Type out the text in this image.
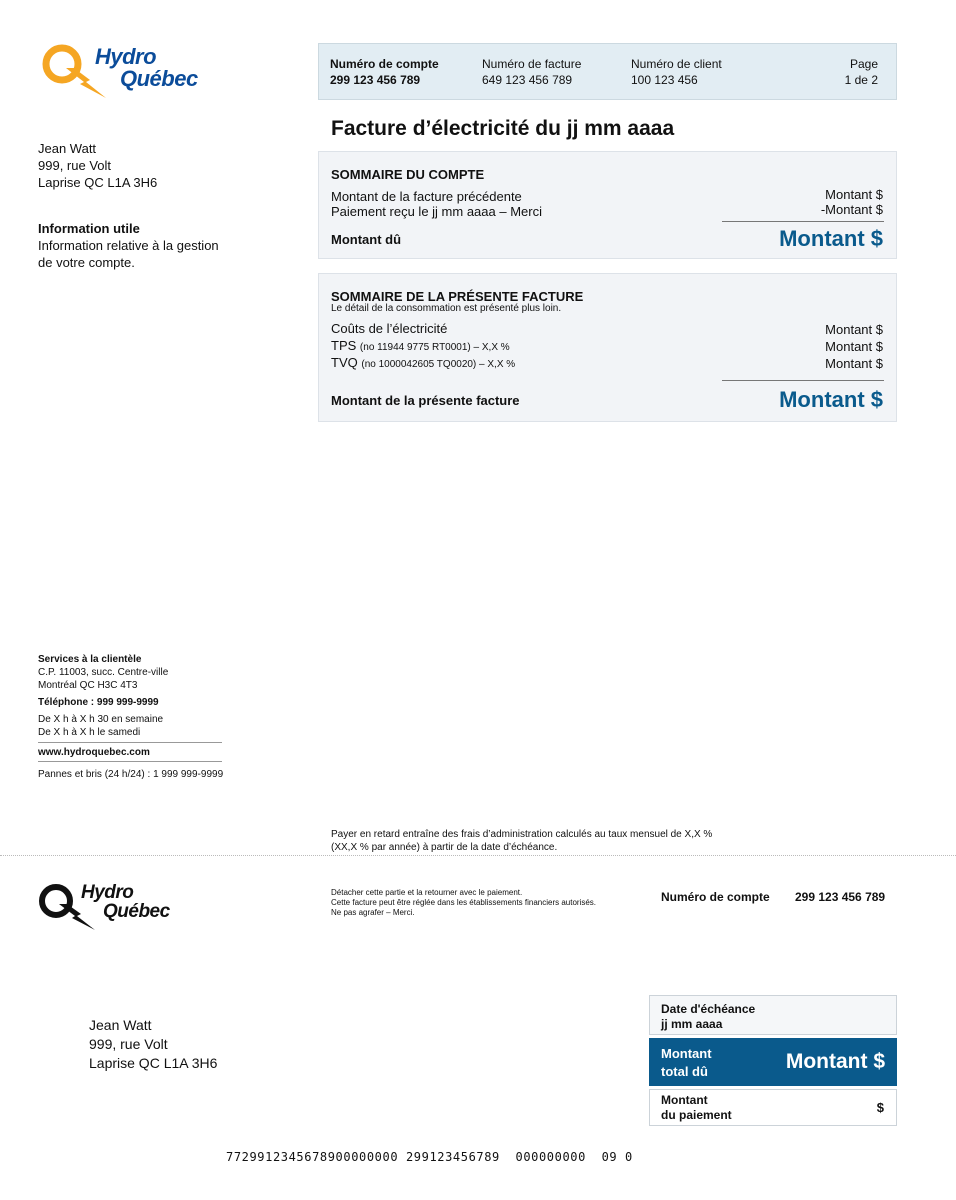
Hydro
Québec
Numéro de compte
299 123 456 789
Numéro de facture
649 123 456 789
Numéro de client
100 123 456
Page
1 de 2
Facture d’électricité du jj mm aaaa
Jean Watt
999, rue Volt
Laprise QC L1A 3H6
Information utile
Information relative à la gestion
de votre compte.
SOMMAIRE DU COMPTE
Montant de la facture précédente	Montant $
Paiement reçu le jj mm aaaa – Merci	-Montant $
Montant dû	Montant $
SOMMAIRE DE LA PRÉSENTE FACTURE
Le détail de la consommation est présenté plus loin.
Coûts de l’électricité	Montant $
TPS (no 11944 9775 RT0001) – X,X %	Montant $
TVQ (no 1000042605 TQ0020) – X,X %	Montant $
Montant de la présente facture	Montant $
Services à la clientèle
C.P. 11003, succ. Centre-ville
Montréal QC H3C 4T3
Téléphone : 999 999-9999
De X h à X h 30 en semaine
De X h à X h le samedi
www.hydroquebec.com
Pannes et bris (24 h/24) : 1 999 999-9999
Payer en retard entraîne des frais d’administration calculés au taux mensuel de X,X %
(XX,X % par année) à partir de la date d’échéance.
Hydro
Québec
Détacher cette partie et la retourner avec le paiement.
Cette facture peut être réglée dans les établissements financiers autorisés.
Ne pas agrafer – Merci.
Numéro de compte 299 123 456 789
Jean Watt
999, rue Volt
Laprise QC L1A 3H6
Date d'échéance
jj mm aaaa
Montant
total dû	Montant $
Montant
du paiement	$
7729912345678900000000 299123456789  000000000  09 0
